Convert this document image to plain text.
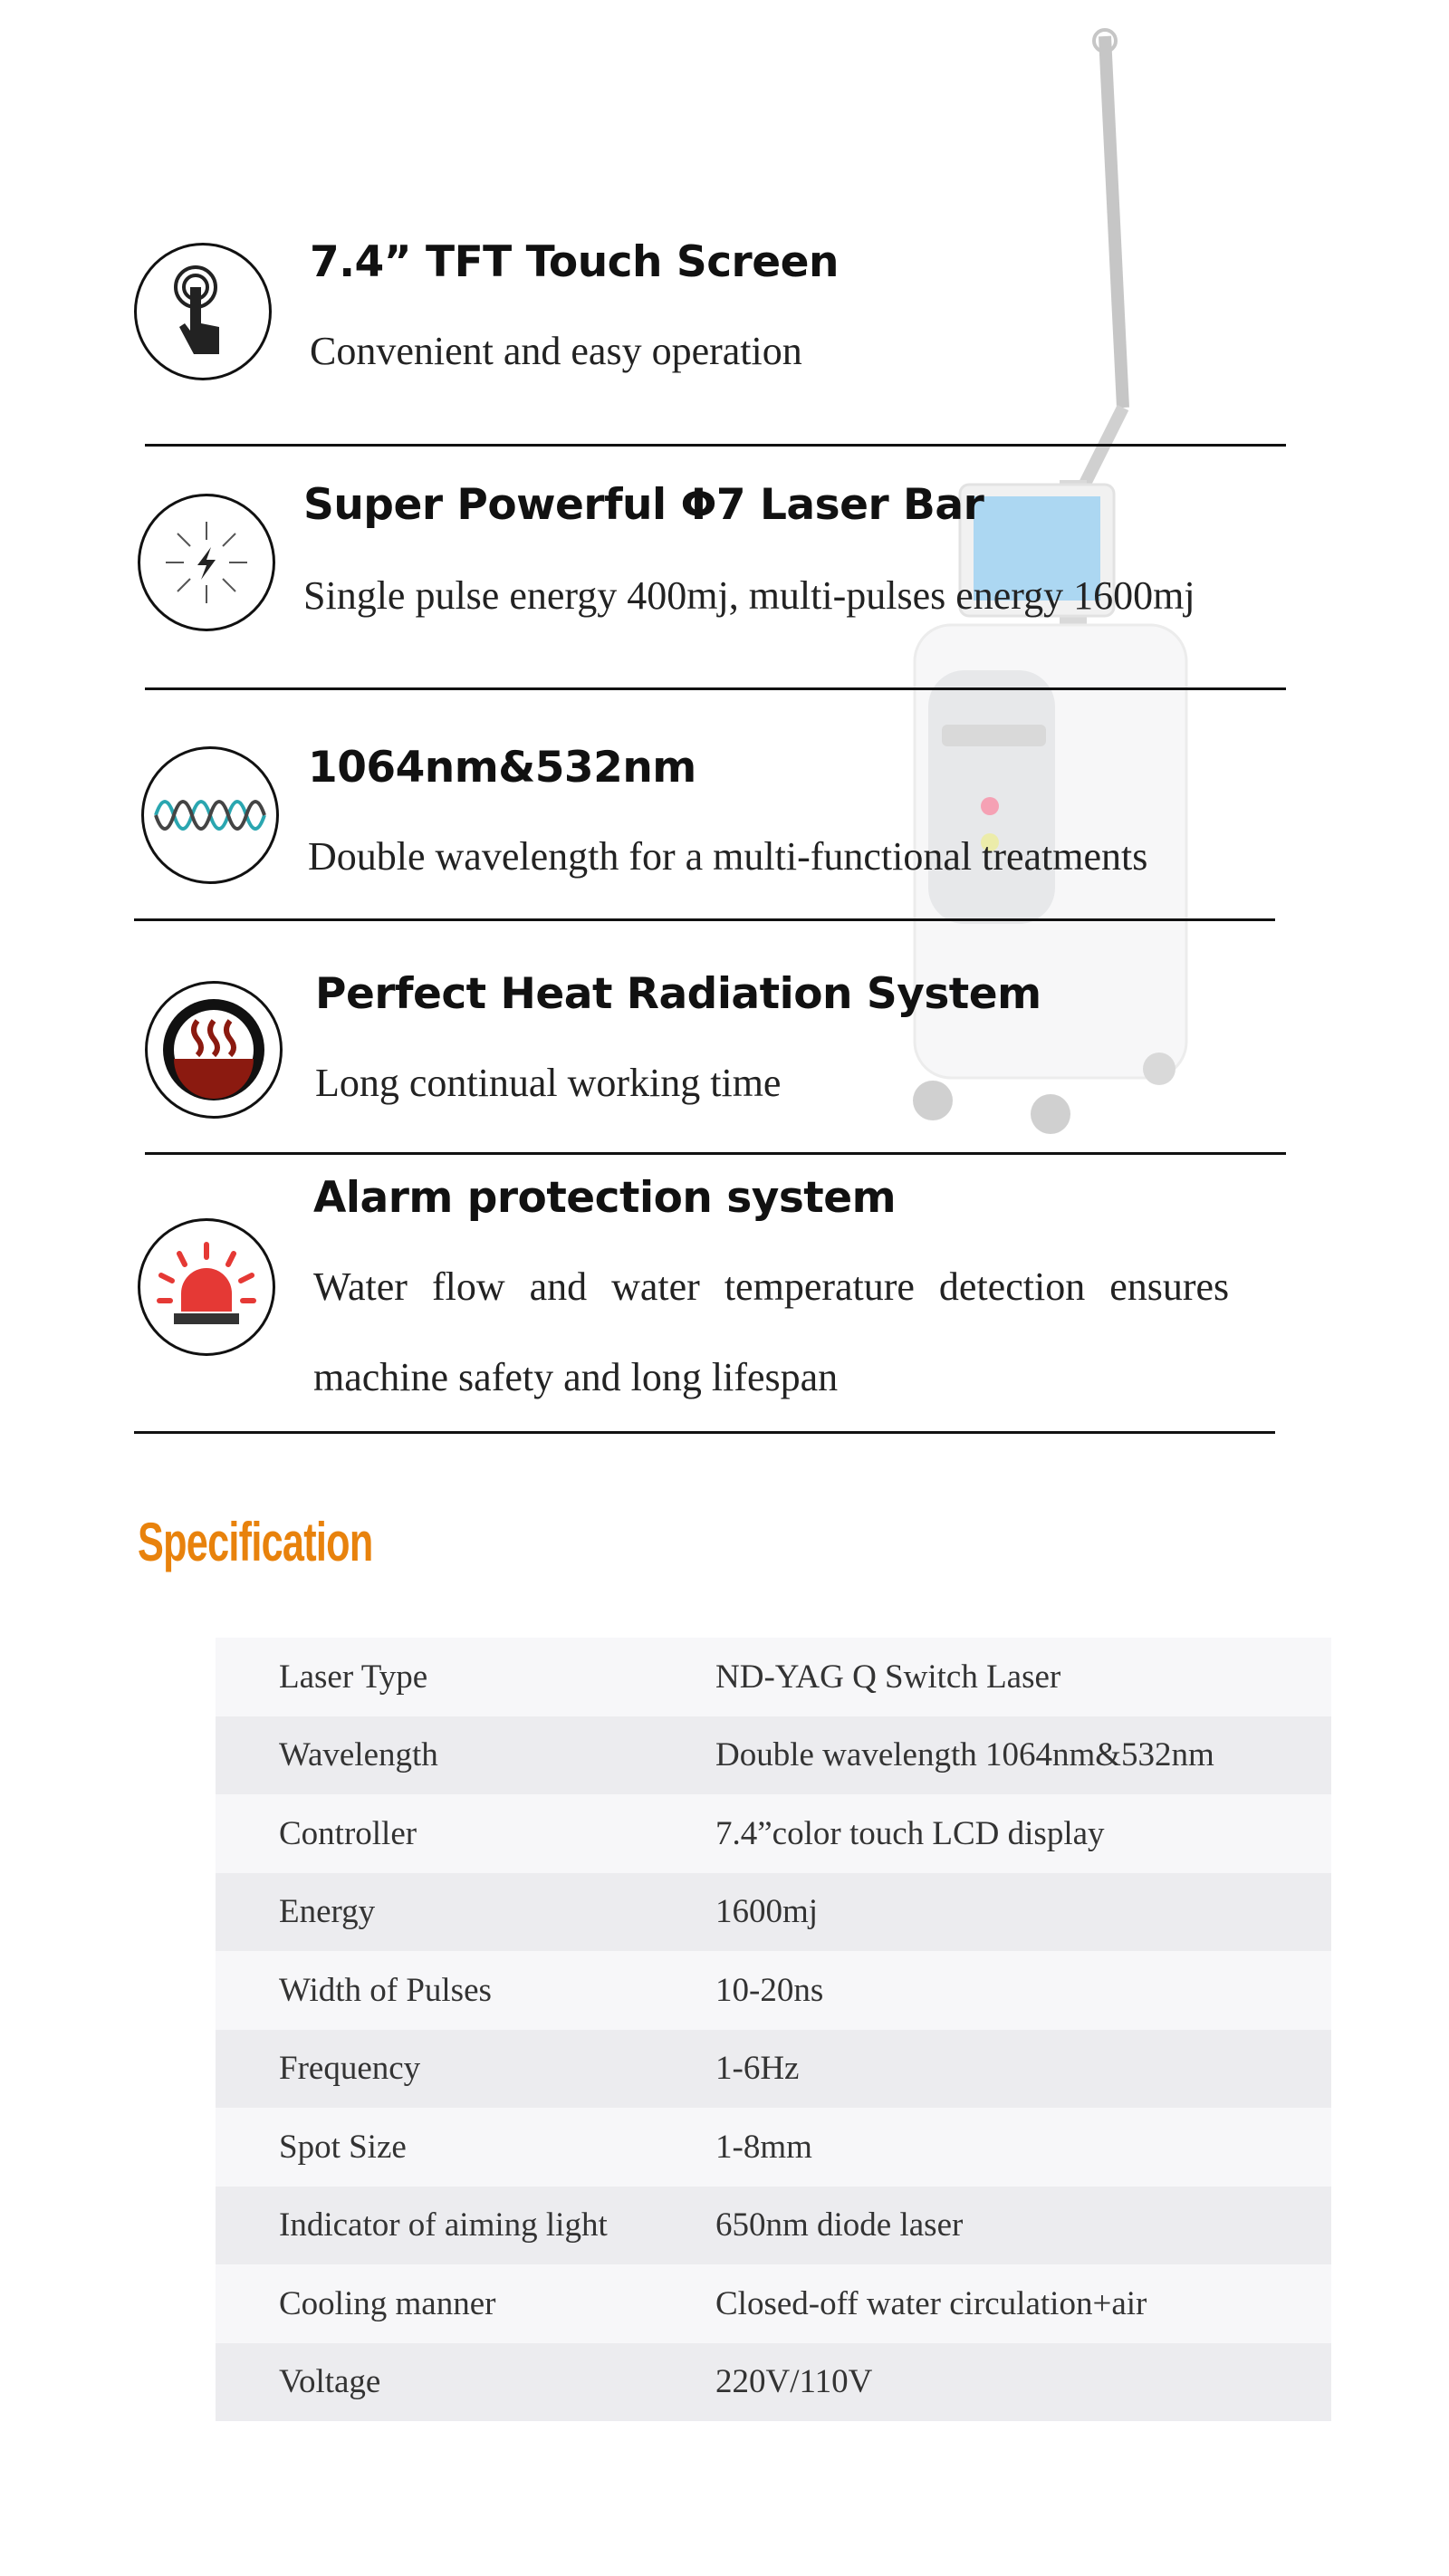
7.4” TFT Touch Screen
Convenient and easy operation
Super Powerful Φ7 Laser Bar
Single pulse energy 400mj, multi-pulses energy 1600mj
1064nm&532nm
Double wavelength for a multi-functional treatments
Perfect Heat Radiation System
Long continual working time
Alarm protection system
Water flow and water temperature detection ensures
machine safety and long lifespan
Specification
Laser Type	ND-YAG Q Switch Laser
Wavelength	Double wavelength 1064nm&532nm
Controller	7.4”color touch LCD display
Energy	1600mj
Width of Pulses	10-20ns
Frequency	1-6Hz
Spot Size	1-8mm
Indicator of aiming light	650nm diode laser
Cooling manner	Closed-off water circulation+air
Voltage	220V/110V
